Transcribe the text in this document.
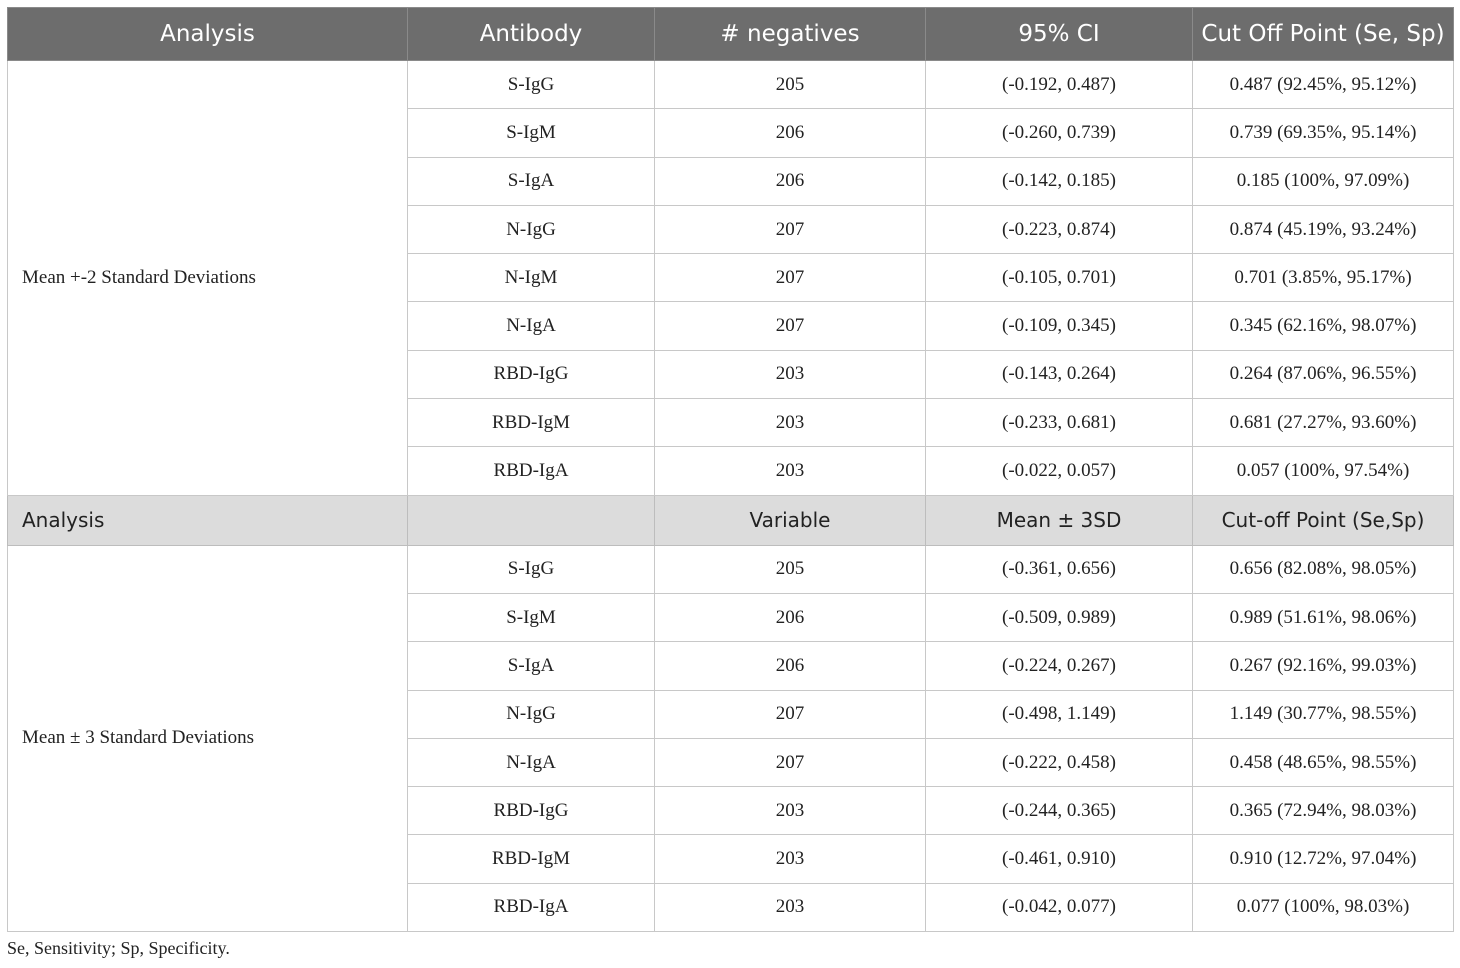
Analysis	Antibody	# negatives	95% CI	Cut Off Point (Se, Sp)
Mean +-2 Standard Deviations	S-IgG	205	(-0.192, 0.487)	0.487 (92.45%, 95.12%)
	S-IgM	206	(-0.260, 0.739)	0.739 (69.35%, 95.14%)
	S-IgA	206	(-0.142, 0.185)	0.185 (100%, 97.09%)
	N-IgG	207	(-0.223, 0.874)	0.874 (45.19%, 93.24%)
	N-IgM	207	(-0.105, 0.701)	0.701 (3.85%, 95.17%)
	N-IgA	207	(-0.109, 0.345)	0.345 (62.16%, 98.07%)
	RBD-IgG	203	(-0.143, 0.264)	0.264 (87.06%, 96.55%)
	RBD-IgM	203	(-0.233, 0.681)	0.681 (27.27%, 93.60%)
	RBD-IgA	203	(-0.022, 0.057)	0.057 (100%, 97.54%)
Analysis		Variable	Mean ± 3SD	Cut-off Point (Se,Sp)
Mean ± 3 Standard Deviations	S-IgG	205	(-0.361, 0.656)	0.656 (82.08%, 98.05%)
	S-IgM	206	(-0.509, 0.989)	0.989 (51.61%, 98.06%)
	S-IgA	206	(-0.224, 0.267)	0.267 (92.16%, 99.03%)
	N-IgG	207	(-0.498, 1.149)	1.149 (30.77%, 98.55%)
	N-IgA	207	(-0.222, 0.458)	0.458 (48.65%, 98.55%)
	RBD-IgG	203	(-0.244, 0.365)	0.365 (72.94%, 98.03%)
	RBD-IgM	203	(-0.461, 0.910)	0.910 (12.72%, 97.04%)
	RBD-IgA	203	(-0.042, 0.077)	0.077 (100%, 98.03%)
Se, Sensitivity; Sp, Specificity.
